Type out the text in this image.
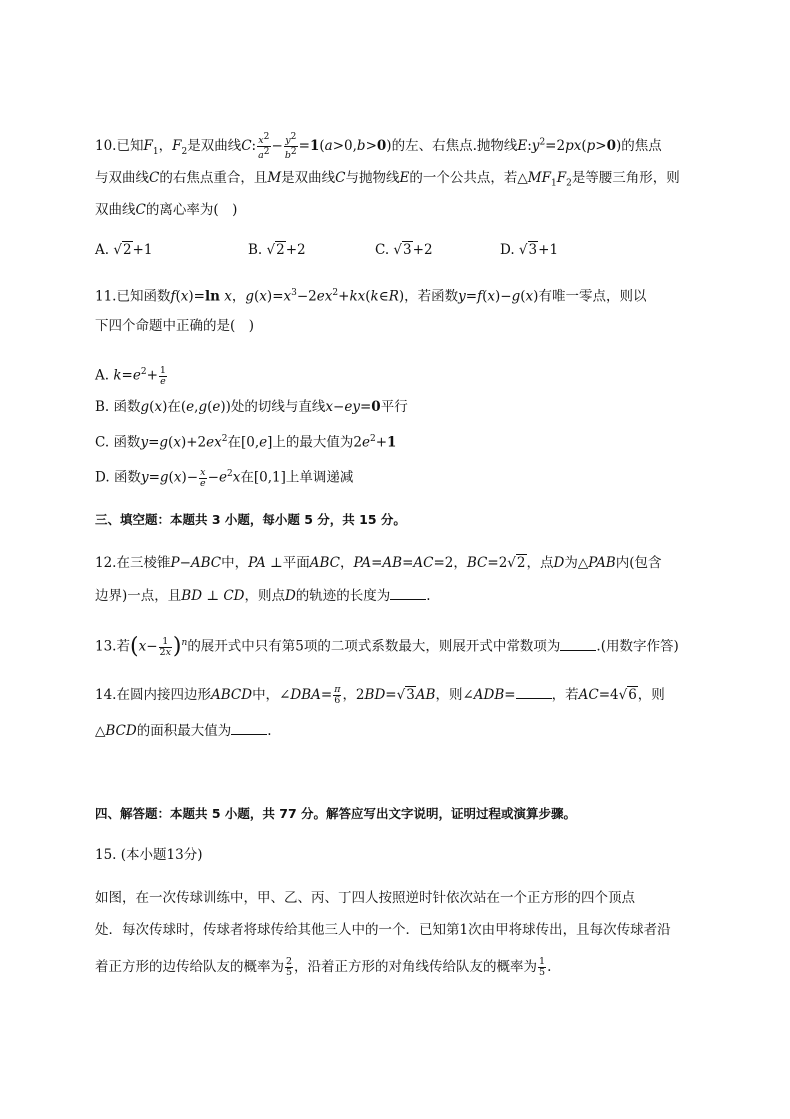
10.已知$F_1$，$F_2$是双曲线C: $\frac{x^2}{a^2} - \frac{y^2}{b^2} =1(a>0,b>0)$的左、右焦点.抛物线$E:y^2=2px(p>0)$的焦点
与双曲线C的右焦点重合，且M是双曲线C与抛物线E的一个公共点，若$\triangle MF_1F_2$是等腰三角形，则
双曲线C的离心率为(　)
A. √2+1	B. √2+2	C. √3+2	D. √3+1
11.已知函数f(x)=ln x，$g(x)=x^3-2ex^2+kx(k\in R)$，若函数y=f(x)−g(x)有唯一零点，则以
下四个命题中正确的是(　)
A. $k=e^2+ \frac{1}{e}$
B. 函数g(x)在(e,g(e))处的切线与直线x−ey=0平行
C. 函数$y=g(x)+2ex^2$在[0,e]上的最大值为$2e^2+1$
D. 函数$y=g(x)- \frac{x}{e} -e^2x$在[0,1]上单调递减
三、填空题：本题共 3 小题，每小题 5 分，共 15 分。
12.在三棱锥P−ABC中，PA ⊥平面ABC，PA=AB=AC=2，BC=2√2，点D为△PAB内(包含
边界)一点，且BD ⊥ CD，则点D的轨迹的长度为	.
13.若$(x- \frac{1}{2x} )^n$的展开式中只有第5项的二项式系数最大，则展开式中常数项为	.(用数字作答)
14.在圆内接四边形ABCD中，∠DBA= $\frac{\pi}{6}$ ，2BD=√3AB，则∠ADB=	，若AC=4√6，则
△BCD的面积最大值为	.
四、解答题：本题共 5 小题，共 77 分。解答应写出文字说明，证明过程或演算步骤。
15. (本小题13分)
如图，在一次传球训练中，甲、乙、丙、丁四人按照逆时针依次站在一个正方形的四个顶点
处．每次传球时，传球者将球传给其他三人中的一个．已知第1次由甲将球传出，且每次传球者沿
着正方形的边传给队友的概率为 $\frac{2}{5}$ ，沿着正方形的对角线传给队友的概率为 $\frac{1}{5}$ .
